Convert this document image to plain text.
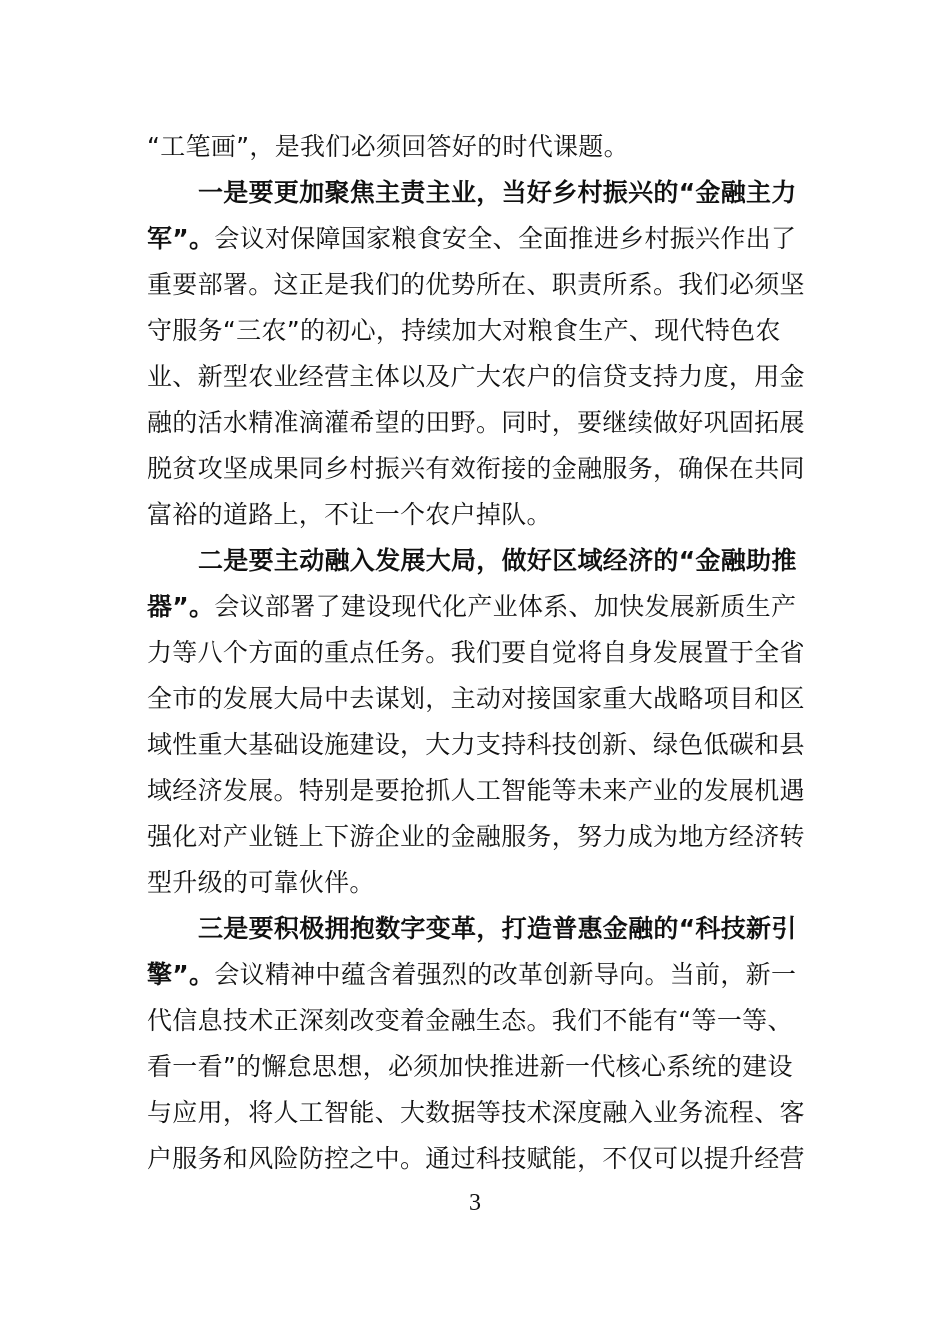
“工笔画”，是我们必须回答好的时代课题。
一是要更加聚焦主责主业，当好乡村振兴的“金融主力
军”。会议对保障国家粮食安全、全面推进乡村振兴作出了
重要部署。这正是我们的优势所在、职责所系。我们必须坚
守服务“三农”的初心，持续加大对粮食生产、现代特色农
业、新型农业经营主体以及广大农户的信贷支持力度，用金
融的活水精准滴灌希望的田野。同时，要继续做好巩固拓展
脱贫攻坚成果同乡村振兴有效衔接的金融服务，确保在共同
富裕的道路上，不让一个农户掉队。
二是要主动融入发展大局，做好区域经济的“金融助推
器”。会议部署了建设现代化产业体系、加快发展新质生产
力等八个方面的重点任务。我们要自觉将自身发展置于全省
全市的发展大局中去谋划，主动对接国家重大战略项目和区
域性重大基础设施建设，大力支持科技创新、绿色低碳和县
域经济发展。特别是要抢抓人工智能等未来产业的发展机遇
强化对产业链上下游企业的金融服务，努力成为地方经济转
型升级的可靠伙伴。
三是要积极拥抱数字变革，打造普惠金融的“科技新引
擎”。会议精神中蕴含着强烈的改革创新导向。当前，新一
代信息技术正深刻改变着金融生态。我们不能有“等一等、
看一看”的懈怠思想，必须加快推进新一代核心系统的建设
与应用，将人工智能、大数据等技术深度融入业务流程、客
户服务和风险防控之中。通过科技赋能，不仅可以提升经营
3
